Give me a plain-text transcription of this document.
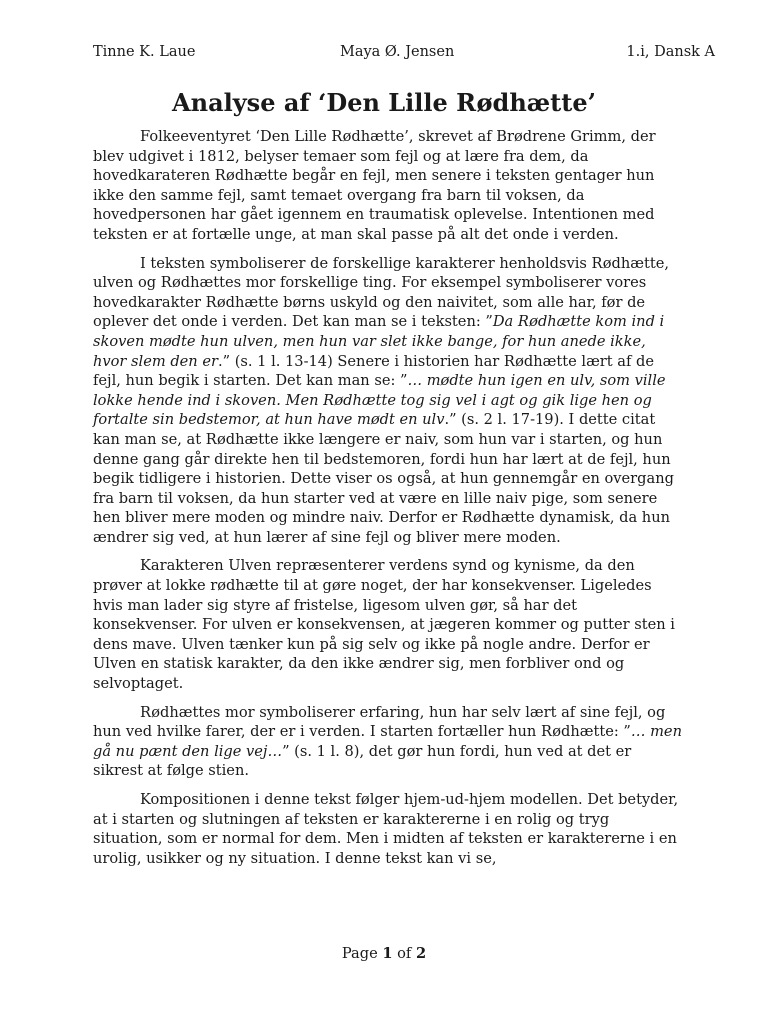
Tinne K. Laue	Maya Ø. Jensen	1.i, Dansk A
Analyse af ‘Den Lille Rødhætte’

Folkeeventyret ‘Den Lille Rødhætte’, skrevet af Brødrene Grimm, der blev udgivet i 1812, belyser temaer som fejl og at lære fra dem, da hovedkarateren Rødhætte begår en fejl, men senere i teksten gentager hun ikke den samme fejl, samt temaet overgang fra barn til voksen, da hovedpersonen har gået igennem en traumatisk oplevelse. Intentionen med teksten er at fortælle unge, at man skal passe på alt det onde i verden.

I teksten symboliserer de forskellige karakterer henholdsvis Rødhætte, ulven og Rødhættes mor forskellige ting. For eksempel symboliserer vores hovedkarakter Rødhætte børns uskyld og den naivitet, som alle har, før de oplever det onde i verden. Det kan man se i teksten: ”Da Rødhætte kom ind i skoven mødte hun ulven, men hun var slet ikke bange, for hun anede ikke, hvor slem den er.” (s. 1 l. 13-14) Senere i historien har Rødhætte lært af de fejl, hun begik i starten. Det kan man se: ”… mødte hun igen en ulv, som ville lokke hende ind i skoven. Men Rødhætte tog sig vel i agt og gik lige hen og fortalte sin bedstemor, at hun have mødt en ulv.” (s. 2 l. 17-19). I dette citat kan man se, at Rødhætte ikke længere er naiv, som hun var i starten, og hun denne gang går direkte hen til bedstemoren, fordi hun har lært at de fejl, hun begik tidligere i historien. Dette viser os også, at hun gennemgår en overgang fra barn til voksen, da hun starter ved at være en lille naiv pige, som senere hen bliver mere moden og mindre naiv. Derfor er Rødhætte dynamisk, da hun ændrer sig ved, at hun lærer af sine fejl og bliver mere moden.

Karakteren Ulven repræsenterer verdens synd og kynisme, da den prøver at lokke rødhætte til at gøre noget, der har konsekvenser. Ligeledes hvis man lader sig styre af fristelse, ligesom ulven gør, så har det konsekvenser. For ulven er konsekvensen, at jægeren kommer og putter sten i dens mave. Ulven tænker kun på sig selv og ikke på nogle andre. Derfor er Ulven en statisk karakter, da den ikke ændrer sig, men forbliver ond og selvoptaget.

Rødhættes mor symboliserer erfaring, hun har selv lært af sine fejl, og hun ved hvilke farer, der er i verden. I starten fortæller hun Rødhætte: ”… men gå nu pænt den lige vej…” (s. 1 l. 8), det gør hun fordi, hun ved at det er sikrest at følge stien.

Kompositionen i denne tekst følger hjem-ud-hjem modellen. Det betyder, at i starten og slutningen af teksten er karaktererne i en rolig og tryg situation, som er normal for dem. Men i midten af teksten er karaktererne i en urolig, usikker og ny situation. I denne tekst kan vi se,

Page 1 of 2
